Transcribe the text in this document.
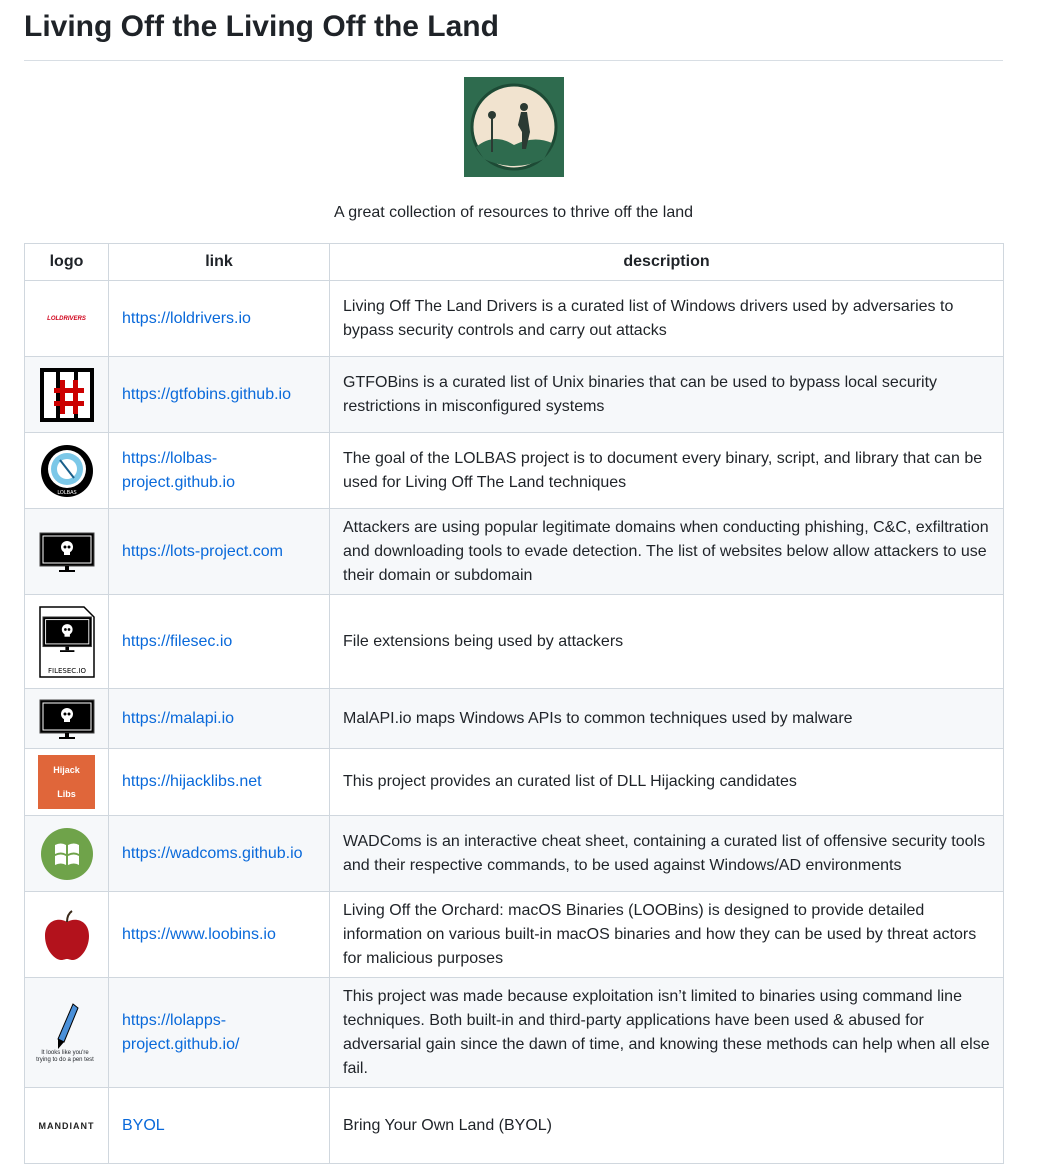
Living Off the Living Off the Land
A great collection of resources to thrive off the land
logo	link	description

LOLDRIVERS	https://loldrivers.io	Living Off The Land Drivers is a curated list of Windows drivers used by adversaries to bypass security controls and carry out attacks

	https://gtfobins.github.io	GTFOBins is a curated list of Unix binaries that can be used to bypass local security restrictions in misconfigured systems

LOLBAS	https://lolbas-project.github.io	The goal of the LOLBAS project is to document every binary, script, and library that can be used for Living Off The Land techniques

	https://lots-project.com	Attackers are using popular legitimate domains when conducting phishing, C&C, exfiltration and downloading tools to evade detection. The list of websites below allow attackers to use their domain or subdomain

FILESEC.IO	https://filesec.io	File extensions being used by attackers

	https://malapi.io	MalAPI.io maps Windows APIs to common techniques used by malware

Hijack Libs	https://hijacklibs.net	This project provides an curated list of DLL Hijacking candidates

	https://wadcoms.github.io	WADComs is an interactive cheat sheet, containing a curated list of offensive security tools and their respective commands, to be used against Windows/AD environments

	https://www.loobins.io	Living Off the Orchard: macOS Binaries (LOOBins) is designed to provide detailed information on various built-in macOS binaries and how they can be used by threat actors for malicious purposes

It looks like you're trying to do a pen test	https://lolapps-project.github.io/	This project was made because exploitation isn’t limited to binaries using command line techniques. Both built-in and third-party applications have been used & abused for adversarial gain since the dawn of time, and knowing these methods can help when all else fail.

MANDIANT	BYOL	Bring Your Own Land (BYOL)
